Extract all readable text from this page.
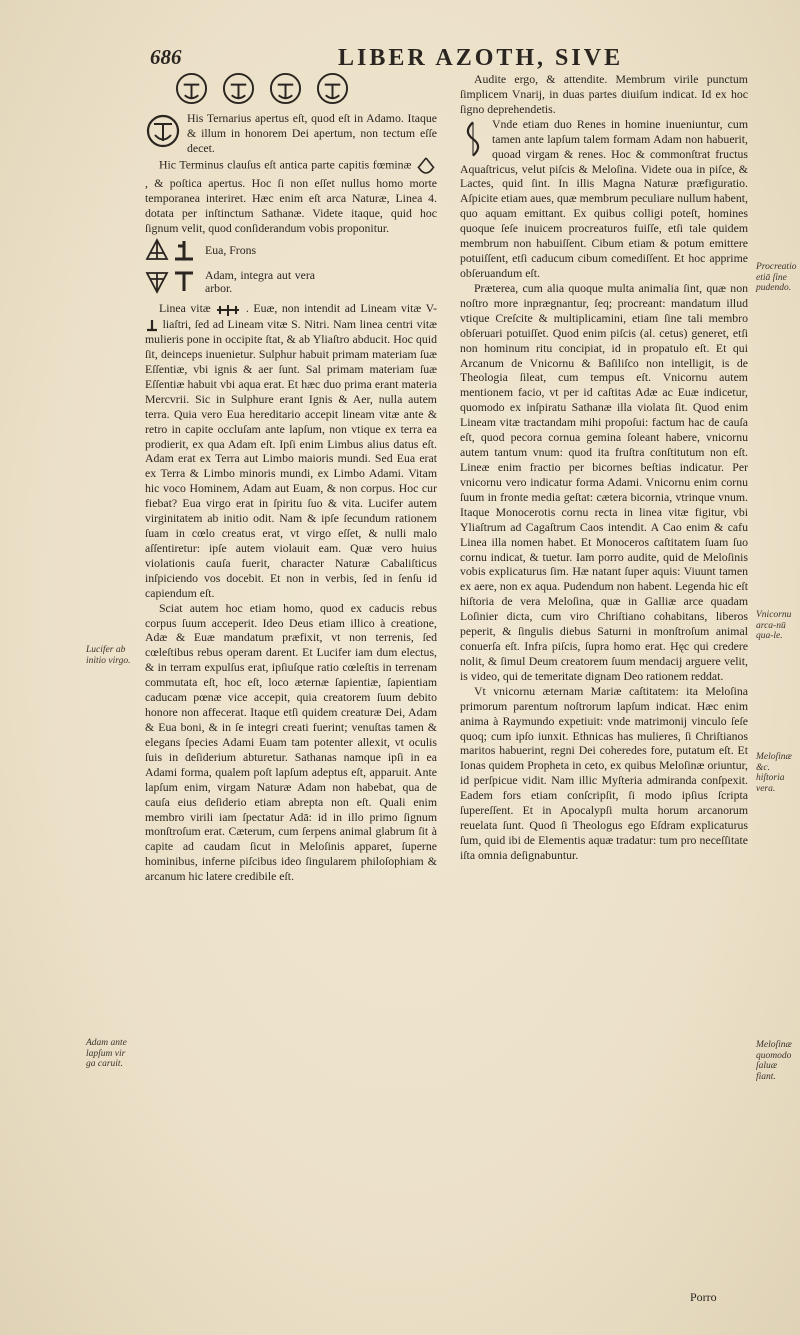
686	LIBER AZOTH, SIVE

His Ternarius apertus eſt, quod eſt in Adamo. Itaque & illum in honorem Dei apertum, non tectum eſſe decet.

Hic Terminus clauſus eſt antica parte capitis fœminæ  , & poſtica apertus. Hoc ſi non eſſet nullus homo morte temporanea interiret. Hæc enim eſt arca Naturæ, Linea 4. dotata per inſtinctum Sathanæ. Videte itaque, quid hoc ſignum velit, quod conſiderandum vobis proponitur.

Eua, Frons
Adam, integra aut vera arbor.

Linea vitæ	. Euæ, non intendit ad Lineam vitæ V-  liaſtri, ſed ad Lineam vitæ S. Nitri. Nam linea centri vitæ mulieris pone in occipite ſtat, & ab Yliaſtro abducit. Hoc quid ſit, deinceps inuenietur. Sulphur habuit primam materiam ſuæ Eſſentiæ, vbi ignis & aer ſunt. Sal primam materiam ſuæ Eſſentiæ habuit vbi aqua erat. Et hæc duo prima erant materia Mercvrii. Sic in Sulphure erant Ignis & Aer, nulla autem terra. Quia vero Eua hereditario accepit lineam vitæ ante & retro in capite occluſam ante lapſum, non vtique ex terra ea prodierit, ex qua Adam eſt. Ipſi enim Limbus alius datus eſt. Adam erat ex Terra aut Limbo maioris mundi. Sed Eua erat ex Terra & Limbo minoris mundi, ex Limbo Adami. Vitam hic voco Hominem, Adam aut Euam, & non corpus. Hoc cur fiebat? Eua virgo erat in ſpiritu ſuo & vita. Lucifer autem virginitatem ab initio odit. Nam & ipſe ſecundum rationem ſuam in cœlo creatus erat, vt virgo eſſet, & nulli malo aſſentiretur: ipſe autem violauit eam. Quæ vero huius violationis cauſa fuerit, character Naturæ Cabaliſticus inſpiciendo vos docebit. Et non in verbis, ſed in ſenſu id capiendum eſt.

Sciat autem hoc etiam homo, quod ex caducis rebus corpus ſuum acceperit. Ideo Deus etiam illico à creatione, Adæ & Euæ mandatum præfixit, vt non terrenis, ſed cœleſtibus rebus operam darent. Et Lucifer iam dum electus, & in terram expulſus erat, ipſiuſque ratio cœleſtis in terrenam commutata eſt, hoc eſt, loco æternæ ſapientiæ, ſapientiam caducam pœnæ vice accepit, quia creatorem ſuum debito honore non affecerat. Itaque etſi quidem creaturæ Dei, Adam & Eua boni, & in ſe integri creati fuerint; venuſtas tamen & elegans ſpecies Adami Euam tam potenter allexit, vt oculis ſuis in deſiderium abturetur. Sathanas namque ipſi in ea Adami forma, qualem poſt lapſum adeptus eſt, apparuit. Ante lapſum enim, virgam Naturæ Adam non habebat, qua de cauſa eius deſiderio etiam abrepta non eſt. Quali enim membro virili iam ſpectatur Adā: id in illo primo ſignum monſtroſum erat. Cæterum, cum ſerpens animal glabrum ſit à capite ad caudam ſicut in Meloſinis apparet, ſuperne hominibus, inferne piſcibus ideo ſingularem philoſophiam & arcanum hic latere credibile eſt.

Audite ergo, & attendite. Membrum virile punctum ſimplicem Vnarij, in duas partes diuiſum indicat. Id ex hoc ſigno deprehendetis.

Vnde etiam duo Renes in homine inueniuntur, cum tamen ante lapſum talem formam Adam non habuerit, quoad virgam & renes. Hoc & commonſtrat fructus Aquaſtricus, velut piſcis & Meloſina. Videte oua in piſce, & Lactes, quid ſint. In illis Magna Naturæ præfiguratio. Aſpicite etiam aues, quæ membrum peculiare nullum habent, quo aquam emittant. Ex quibus colligi poteſt, homines quoque ſeſe inuicem procreaturos fuiſſe, etſi tale quidem membrum non habuiſſent. Cibum etiam & potum emittere potuiſſent, etſi caducum cibum comediſſent. Et hoc apprime obſeruandum eſt.

Præterea, cum alia quoque multa animalia ſint, quæ non noſtro more inprægnantur, ſeq; procreant: mandatum illud vtique Creſcite & multiplicamini, etiam ſine tali membro obſeruari potuiſſet. Quod enim piſcis (al. cetus) generet, etſi non hominum ritu concipiat, id in propatulo eſt. Et qui Arcanum de Vnicornu & Baſiliſco non intelligit, is de Theologia ſileat, cum tempus eſt. Vnicornu autem mentionem facio, vt per id caſtitas Adæ ac Euæ indicetur, quomodo ex inſpiratu Sathanæ illa violata ſit. Quod enim Lineam vitæ tractandam mihi propoſui: factum hac de cauſa eſt, quod pecora cornua gemina ſoleant habere, vnicornu autem tantum vnum: quod ita fruſtra conſtitutum non eſt. Lineæ enim fractio per bicornes beſtias indicatur. Per vnicornu vero indicatur forma Adami. Vnicornu enim cornu ſuum in fronte media geſtat: cætera bicornia, vtrinque vnum. Itaque Monocerotis cornu recta in linea vitæ figitur, vbi Yliaſtrum ad Cagaſtrum Caos intendit. A Cao enim & cafu Linea illa nomen habet. Et Monoceros caſtitatem ſuam ſuo cornu indicat, & tuetur. Iam porro audite, quid de Meloſinis vobis explicaturus ſim. Hæ natant ſuper aquis: Viuunt tamen ex aere, non ex aqua. Pudendum non habent. Legenda hic eſt hiſtoria de vera Meloſina, quæ in Galliæ arce quadam Loſinier dicta, cum viro Chriſtiano cohabitans, liberos peperit, & ſingulis diebus Saturni in monſtroſum animal conuerſa eſt. Infra piſcis, ſupra homo erat. Hęc qui credere nolit, & ſimul Deum creatorem ſuum mendacij arguere velit, is video, qui de temeritate dignam Deo rationem reddat.

Vt vnicornu æternam Mariæ caſtitatem: ita Meloſina primorum parentum noſtrorum lapſum indicat. Hæc enim anima à Raymundo expetiuit: vnde matrimonij vinculo ſeſe quoq; cum ipſo iunxit. Ethnicas has mulieres, ſi Chriſtianos maritos habuerint, regni Dei coheredes fore, putatum eſt. Et Ionas quidem Propheta in ceto, ex quibus Meloſinæ oriuntur, id perſpicue vidit. Nam illic Myſteria admiranda conſpexit. Eadem fors etiam conſcripſit, ſi modo ipſius ſcripta ſupereſſent. Et in Apocalypſi multa horum arcanorum reuelata ſunt. Quod ſi Theologus ego Eſdram explicaturus ſum, quid ibi de Elementis aquæ tradatur: tum pro neceſſitate iſta omnia deſignabuntur.

Lucifer ab initio virgo.
Adam ante lapſum vir ga caruit.
Procreatio etiā ſine pudendo.
Vnicornu arca-nū qua-le.
Meloſinæ &c. hiſtoria vera.
Meloſinæ quomodo ſaluæ fiant.
Porro
